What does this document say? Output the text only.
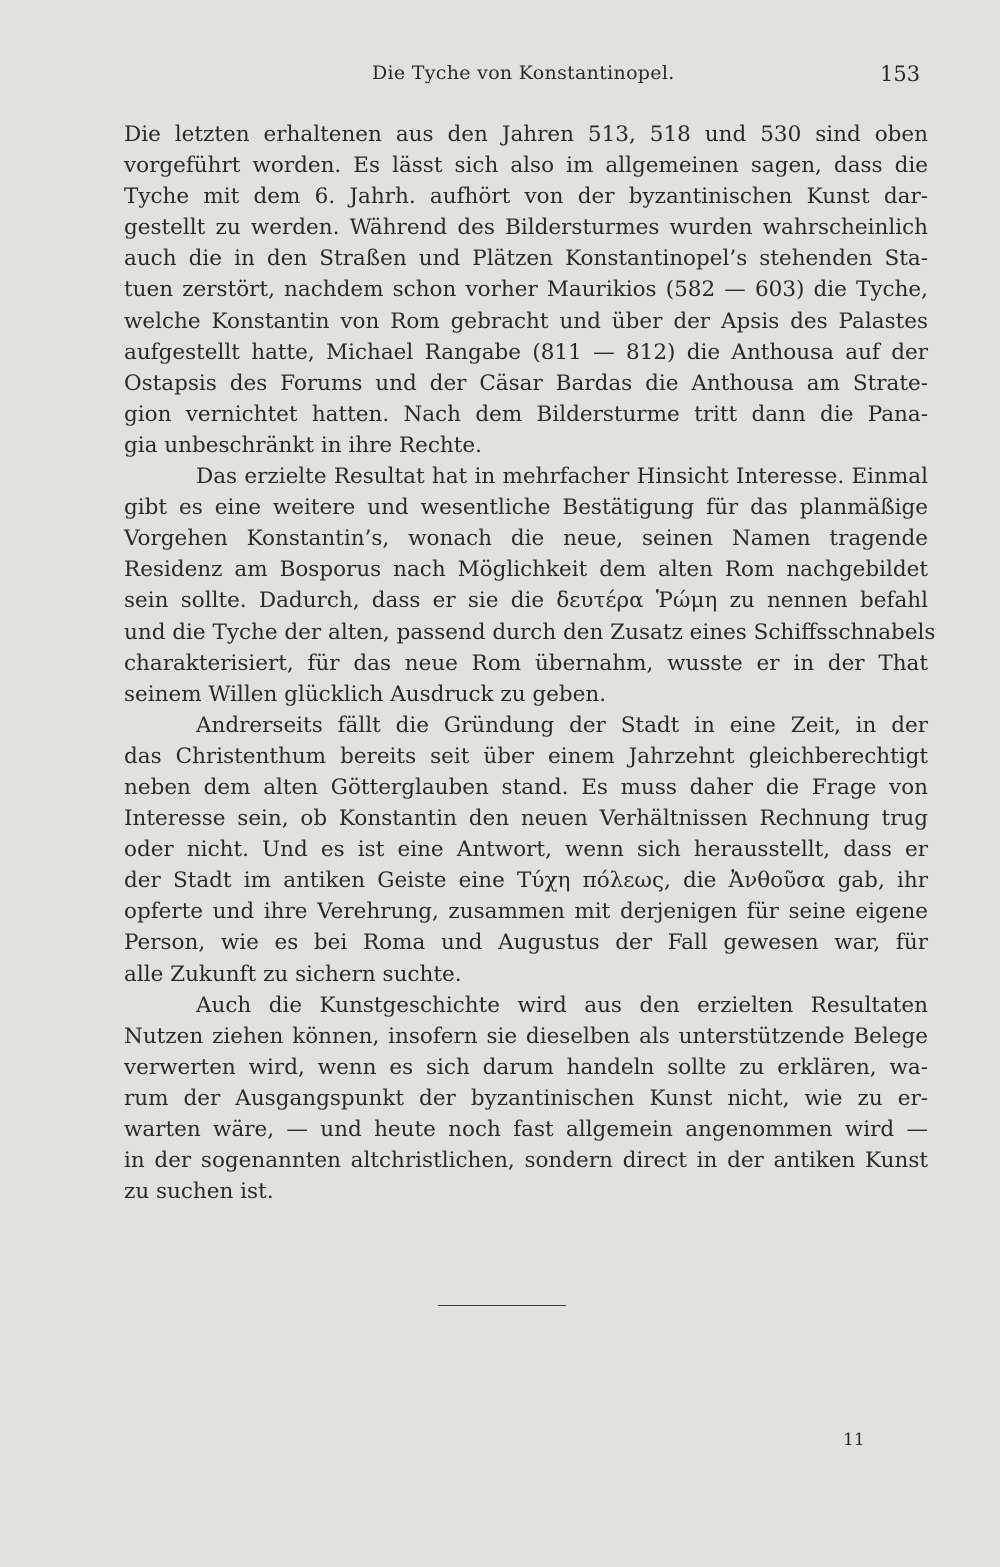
Die Tyche von Konstantinopel.	153
Die letzten erhaltenen aus den Jahren 513, 518 und 530 sind oben
vorgeführt worden. Es lässt sich also im allgemeinen sagen, dass die
Tyche mit dem 6. Jahrh. aufhört von der byzantinischen Kunst dar-
gestellt zu werden. Während des Bildersturmes wurden wahrscheinlich
auch die in den Straßen und Plätzen Konstantinopel’s stehenden Sta-
tuen zerstört, nachdem schon vorher Maurikios (582 — 603) die Tyche,
welche Konstantin von Rom gebracht und über der Apsis des Palastes
aufgestellt hatte, Michael Rangabe (811 — 812) die Anthousa auf der
Ostapsis des Forums und der Cäsar Bardas die Anthousa am Strate-
gion vernichtet hatten. Nach dem Bildersturme tritt dann die Pana-
gia unbeschränkt in ihre Rechte.
Das erzielte Resultat hat in mehrfacher Hinsicht Interesse. Einmal
gibt es eine weitere und wesentliche Bestätigung für das planmäßige
Vorgehen Konstantin’s, wonach die neue, seinen Namen tragende
Residenz am Bosporus nach Möglichkeit dem alten Rom nachgebildet
sein sollte. Dadurch, dass er sie die δευτέρα Ῥώμη zu nennen befahl
und die Tyche der alten, passend durch den Zusatz eines Schiffsschnabels
charakterisiert, für das neue Rom übernahm, wusste er in der That
seinem Willen glücklich Ausdruck zu geben.
Andrerseits fällt die Gründung der Stadt in eine Zeit, in der
das Christenthum bereits seit über einem Jahrzehnt gleichberechtigt
neben dem alten Götterglauben stand. Es muss daher die Frage von
Interesse sein, ob Konstantin den neuen Verhältnissen Rechnung trug
oder nicht. Und es ist eine Antwort, wenn sich herausstellt, dass er
der Stadt im antiken Geiste eine Τύχη πόλεως, die Ἀνθοῦσα gab, ihr
opferte und ihre Verehrung, zusammen mit derjenigen für seine eigene
Person, wie es bei Roma und Augustus der Fall gewesen war, für
alle Zukunft zu sichern suchte.
Auch die Kunstgeschichte wird aus den erzielten Resultaten
Nutzen ziehen können, insofern sie dieselben als unterstützende Belege
verwerten wird, wenn es sich darum handeln sollte zu erklären, wa-
rum der Ausgangspunkt der byzantinischen Kunst nicht, wie zu er-
warten wäre, — und heute noch fast allgemein angenommen wird —
in der sogenannten altchristlichen, sondern direct in der antiken Kunst
zu suchen ist.
11
